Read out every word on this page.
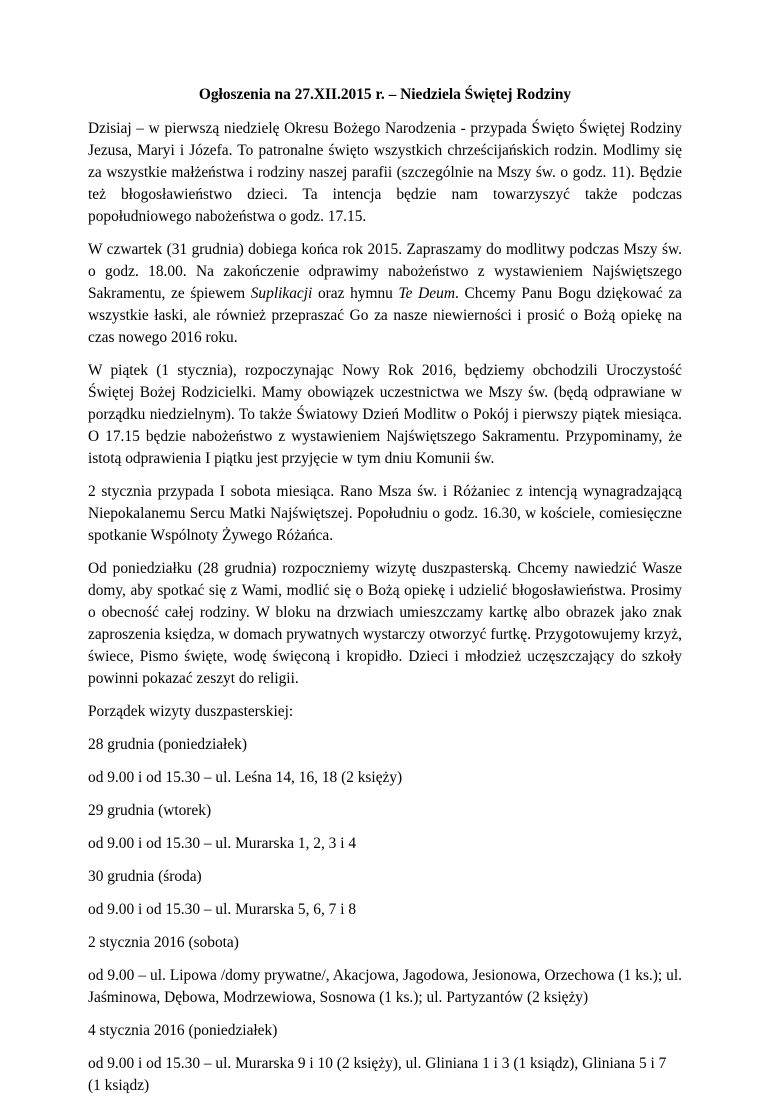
Ogłoszenia na 27.XII.2015 r. – Niedziela Świętej Rodziny

Dzisiaj – w pierwszą niedzielę Okresu Bożego Narodzenia - przypada Święto Świętej Rodziny Jezusa, Maryi i Józefa. To patronalne święto wszystkich chrześcijańskich rodzin. Modlimy się za wszystkie małżeństwa i rodziny naszej parafii (szczególnie na Mszy św. o godz. 11). Będzie też błogosławieństwo dzieci. Ta intencja będzie nam towarzyszyć także podczas popołudniowego nabożeństwa o godz. 17.15.

W czwartek (31 grudnia) dobiega końca rok 2015. Zapraszamy do modlitwy podczas Mszy św. o godz. 18.00. Na zakończenie odprawimy nabożeństwo z wystawieniem Najświętszego Sakramentu, ze śpiewem Suplikacji oraz hymnu Te Deum. Chcemy Panu Bogu dziękować za wszystkie łaski, ale również przepraszać Go za nasze niewierności i prosić o Bożą opiekę na czas nowego 2016 roku.

W piątek (1 stycznia), rozpoczynając Nowy Rok 2016, będziemy obchodzili Uroczystość Świętej Bożej Rodzicielki. Mamy obowiązek uczestnictwa we Mszy św. (będą odprawiane w porządku niedzielnym). To także Światowy Dzień Modlitw o Pokój i pierwszy piątek miesiąca. O 17.15 będzie nabożeństwo z wystawieniem Najświętszego Sakramentu. Przypominamy, że istotą odprawienia I piątku jest przyjęcie w tym dniu Komunii św.

2 stycznia przypada I sobota miesiąca. Rano Msza św. i Różaniec z intencją wynagradzającą Niepokalanemu Sercu Matki Najświętszej. Popołudniu o godz. 16.30, w kościele, comiesięczne spotkanie Wspólnoty Żywego Różańca.

Od poniedziałku (28 grudnia) rozpoczniemy wizytę duszpasterską. Chcemy nawiedzić Wasze domy, aby spotkać się z Wami, modlić się o Bożą opiekę i udzielić błogosławieństwa. Prosimy o obecność całej rodziny. W bloku na drzwiach umieszczamy kartkę albo obrazek jako znak zaproszenia księdza, w domach prywatnych wystarczy otworzyć furtkę. Przygotowujemy krzyż, świece, Pismo święte, wodę święconą i kropidło. Dzieci i młodzież uczęszczający do szkoły powinni pokazać zeszyt do religii.

Porządek wizyty duszpasterskiej:

28 grudnia (poniedziałek)

od 9.00 i od 15.30 – ul. Leśna 14, 16, 18 (2 księży)

29 grudnia (wtorek)

od 9.00 i od 15.30 – ul. Murarska 1, 2, 3 i 4

30 grudnia (środa)

od 9.00 i od 15.30 – ul. Murarska 5, 6, 7 i 8

2 stycznia 2016 (sobota)

od 9.00 – ul. Lipowa /domy prywatne/, Akacjowa, Jagodowa, Jesionowa, Orzechowa (1 ks.); ul. Jaśminowa, Dębowa, Modrzewiowa, Sosnowa (1 ks.); ul. Partyzantów (2 księży)

4 stycznia 2016 (poniedziałek)

od 9.00 i od 15.30 – ul. Murarska 9 i 10 (2 księży), ul. Gliniana 1 i 3 (1 ksiądz), Gliniana 5 i 7 (1 ksiądz)
